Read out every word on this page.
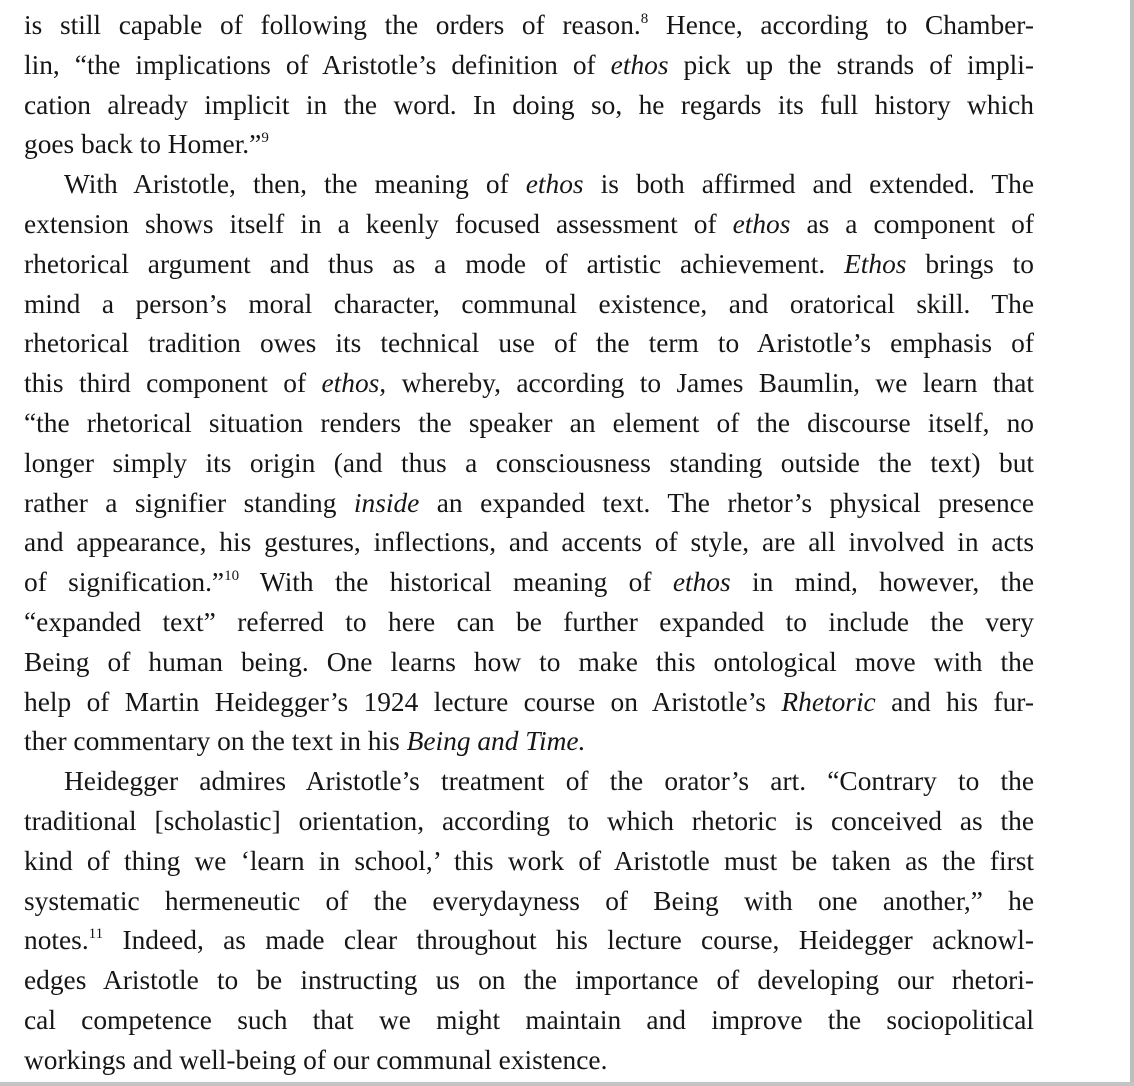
is still capable of following the orders of reason.$^8$ Hence, according to Chamber-
lin, “the implications of Aristotle’s definition of ethos pick up the strands of impli-
cation already implicit in the word. In doing so, he regards its full history which
goes back to Homer.”$^9$
With Aristotle, then, the meaning of ethos is both affirmed and extended. The
extension shows itself in a keenly focused assessment of ethos as a component of
rhetorical argument and thus as a mode of artistic achievement. Ethos brings to
mind a person’s moral character, communal existence, and oratorical skill. The
rhetorical tradition owes its technical use of the term to Aristotle’s emphasis of
this third component of ethos, whereby, according to James Baumlin, we learn that
“the rhetorical situation renders the speaker an element of the discourse itself, no
longer simply its origin (and thus a consciousness standing outside the text) but
rather a signifier standing inside an expanded text. The rhetor’s physical presence
and appearance, his gestures, inflections, and accents of style, are all involved in acts
of signification.”$^{10}$ With the historical meaning of ethos in mind, however, the
“expanded text” referred to here can be further expanded to include the very
Being of human being. One learns how to make this ontological move with the
help of Martin Heidegger’s 1924 lecture course on Aristotle’s Rhetoric and his fur-
ther commentary on the text in his Being and Time.
Heidegger admires Aristotle’s treatment of the orator’s art. “Contrary to the
traditional [scholastic] orientation, according to which rhetoric is conceived as the
kind of thing we ‘learn in school,’ this work of Aristotle must be taken as the first
systematic hermeneutic of the everydayness of Being with one another,” he
notes.$^{11}$ Indeed, as made clear throughout his lecture course, Heidegger acknowl-
edges Aristotle to be instructing us on the importance of developing our rhetori-
cal competence such that we might maintain and improve the sociopolitical
workings and well-being of our communal existence.
